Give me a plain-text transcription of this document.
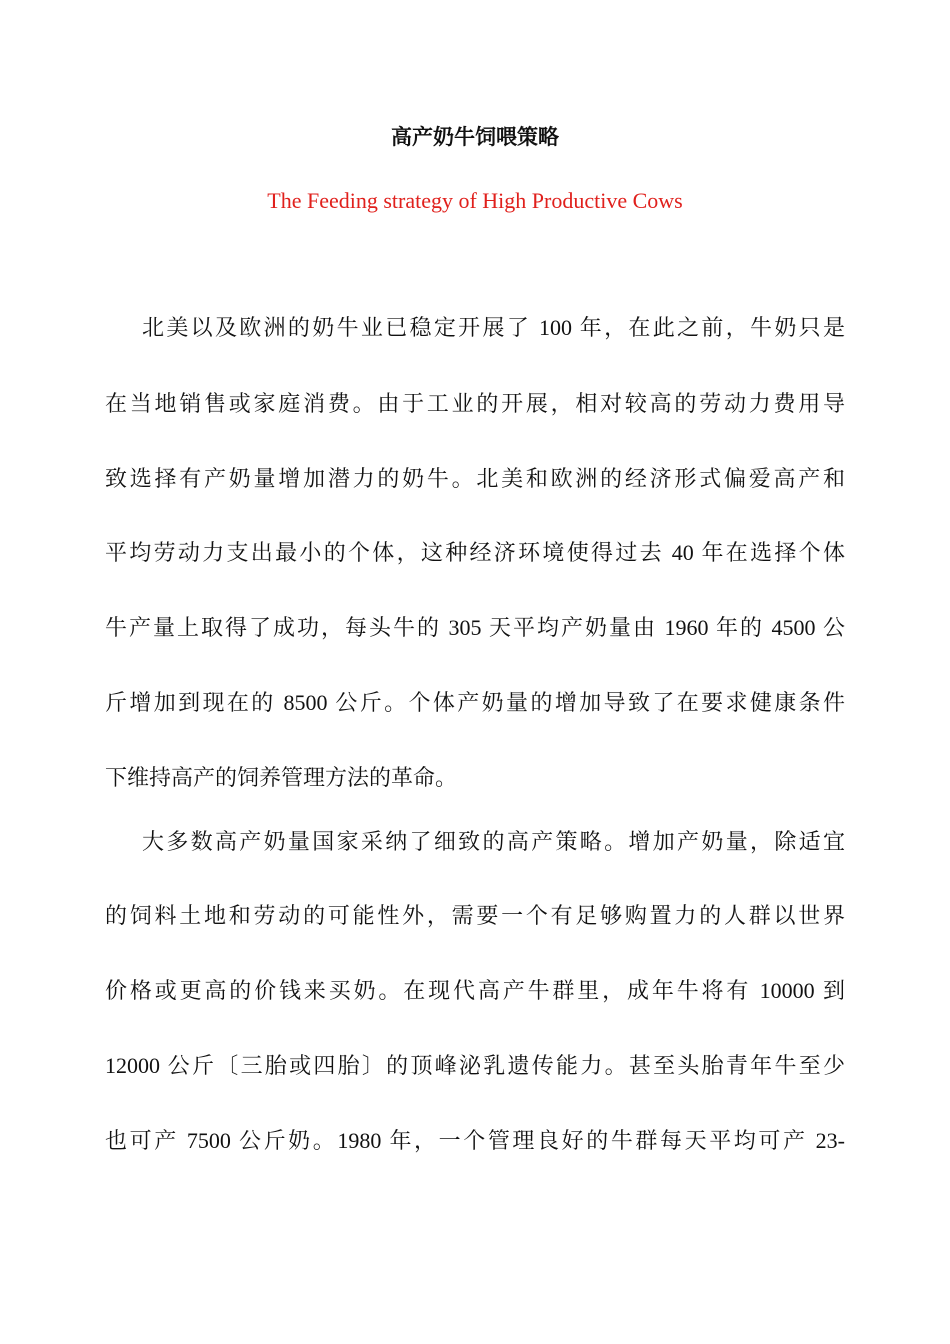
高产奶牛饲喂策略
The Feeding strategy of High Productive Cows
北美以及欧洲的奶牛业已稳定开展了 100 年，在此之前，牛奶只是
在当地销售或家庭消费。由于工业的开展，相对较高的劳动力费用导
致选择有产奶量增加潜力的奶牛。北美和欧洲的经济形式偏爱高产和
平均劳动力支出最小的个体，这种经济环境使得过去 40 年在选择个体
牛产量上取得了成功，每头牛的 305 天平均产奶量由 1960 年的 4500 公
斤增加到现在的 8500 公斤。个体产奶量的增加导致了在要求健康条件
下维持高产的饲养管理方法的革命。
大多数高产奶量国家采纳了细致的高产策略。增加产奶量，除适宜
的饲料土地和劳动的可能性外，需要一个有足够购置力的人群以世界
价格或更高的价钱来买奶。在现代高产牛群里，成年牛将有 10000 到
12000 公斤〔三胎或四胎〕的顶峰泌乳遗传能力。甚至头胎青年牛至少
也可产 7500 公斤奶。1980 年，一个管理良好的牛群每天平均可产 23-
